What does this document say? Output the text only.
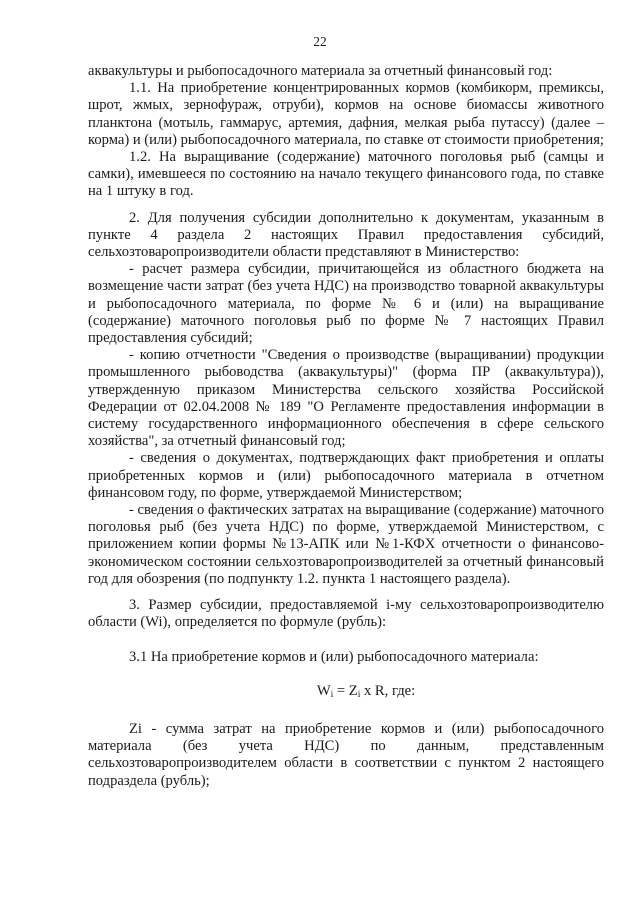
22

аквакультуры и рыбопосадочного материала за отчетный финансовый год:

1.1. На приобретение концентрированных кормов (комбикорм, премиксы, шрот, жмых, зернофураж, отруби), кормов на основе биомассы животного планктона (мотыль, гаммарус, артемия, дафния, мелкая рыба путассу) (далее – корма) и (или) рыбопосадочного материала, по ставке от стоимости приобретения;

1.2. На выращивание (содержание) маточного поголовья рыб (самцы и самки), имевшееся по состоянию на начало текущего финансового года, по ставке на 1 штуку в год.

2. Для получения субсидии дополнительно к документам, указанным в пункте 4 раздела 2 настоящих Правил предоставления субсидий, сельхозтоваропроизводители области представляют в Министерство:

- расчет размера субсидии, причитающейся из областного бюджета на возмещение части затрат (без учета НДС) на производство товарной аквакультуры и рыбопосадочного материала, по форме № 6 и (или) на выращивание (содержание) маточного поголовья рыб по форме № 7 настоящих Правил предоставления субсидий;

- копию отчетности "Сведения о производстве (выращивании) продукции промышленного рыбоводства (аквакультуры)" (форма ПР (аквакультура)), утвержденную приказом Министерства сельского хозяйства Российской Федерации от 02.04.2008 № 189 "О Регламенте предоставления информации в систему государственного информационного обеспечения в сфере сельского хозяйства", за отчетный финансовый год;

- сведения о документах, подтверждающих факт приобретения и оплаты приобретенных кормов и (или) рыбопосадочного материала в отчетном финансовом году, по форме, утверждаемой Министерством;

- сведения о фактических затратах на выращивание (содержание) маточного поголовья рыб (без учета НДС) по форме, утверждаемой Министерством, с приложением копии формы №13-АПК или №1-КФХ отчетности о финансово-экономическом состоянии сельхозтоваропроизводителей за отчетный финансовый год для обозрения (по подпункту 1.2. пункта 1 настоящего раздела).

3. Размер субсидии, предоставляемой i-му сельхозтоваропроизводителю области (Wi), определяется по формуле (рубль):

3.1 На приобретение кормов и (или) рыбопосадочного материала:

$W_i = Z_i$ x R, где:

Zi - сумма затрат на приобретение кормов и (или) рыбопосадочного материала (без учета НДС) по данным, представленным сельхозтоваропроизводителем области в соответствии с пунктом 2 настоящего подраздела (рубль);
